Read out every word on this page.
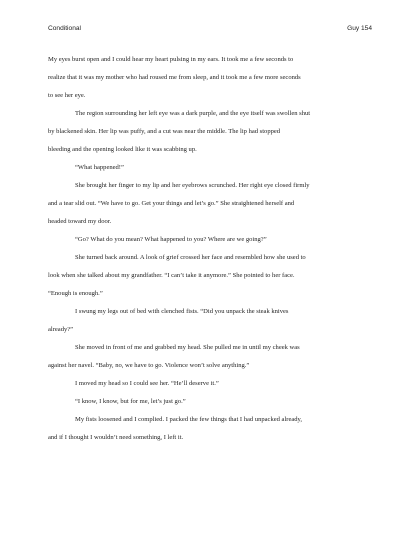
Conditional	Guy 154

My eyes burst open and I could hear my heart pulsing in my ears. It took me a few seconds to

realize that it was my mother who had roused me from sleep, and it took me a few more seconds

to see her eye.

The region surrounding her left eye was a dark purple, and the eye itself was swollen shut

by blackened skin. Her lip was puffy, and a cut was near the middle. The lip had stopped

bleeding and the opening looked like it was scabbing up.

“What happened!”

She brought her finger to my lip and her eyebrows scrunched. Her right eye closed firmly

and a tear slid out. “We have to go. Get your things and let’s go.” She straightened herself and

headed toward my door.

“Go? What do you mean? What happened to you? Where are we going?”

She turned back around. A look of grief crossed her face and resembled how she used to

look when she talked about my grandfather. “I can’t take it anymore.” She pointed to her face.

“Enough is enough.”

I swung my legs out of bed with clenched fists. “Did you unpack the steak knives

already?”

She moved in front of me and grabbed my head. She pulled me in until my cheek was

against her navel. “Baby, no, we have to go. Violence won’t solve anything.”

I moved my head so I could see her. “He’ll deserve it.”

“I know, I know, but for me, let’s just go.”

My fists loosened and I complied. I packed the few things that I had unpacked already,

and if I thought I wouldn’t need something, I left it.
